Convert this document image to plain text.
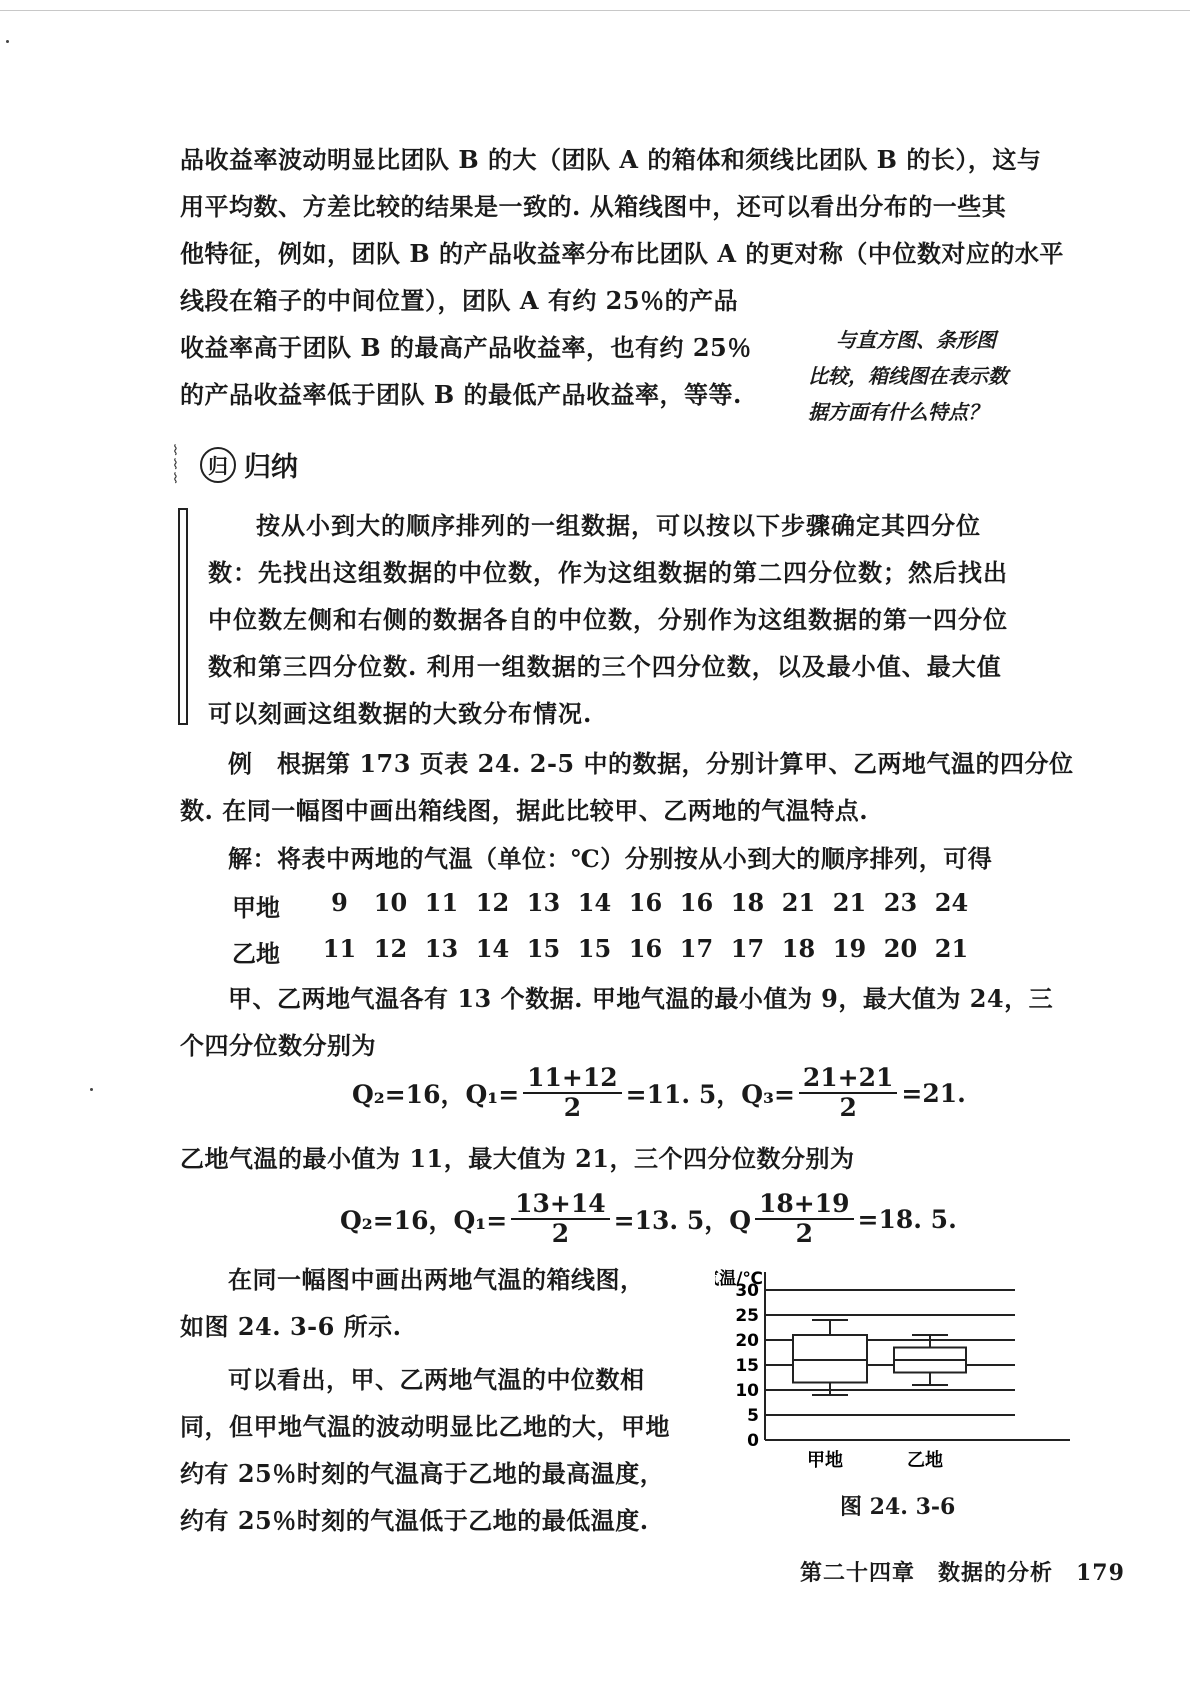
品收益率波动明显比团队 B 的大（团队 A 的箱体和须线比团队 B 的长），这与
用平均数、方差比较的结果是一致的. 从箱线图中，还可以看出分布的一些其
他特征，例如，团队 B 的产品收益率分布比团队 A 的更对称（中位数对应的水平
线段在箱子的中间位置），团队 A 有约 25％的产品
收益率高于团队 B 的最高产品收益率，也有约 25％
的产品收益率低于团队 B 的最低产品收益率，等等.
与直方图、条形图
比较，箱线图在表示数
据方面有什么特点？
⌇
⌇
⌇
归 归纳
按从小到大的顺序排列的一组数据，可以按以下步骤确定其四分位
数：先找出这组数据的中位数，作为这组数据的第二四分位数；然后找出
中位数左侧和右侧的数据各自的中位数，分别作为这组数据的第一四分位
数和第三四分位数. 利用一组数据的三个四分位数，以及最小值、最大值
可以刻画这组数据的大致分布情况.
例　根据第 173 页表 24. 2-5 中的数据，分别计算甲、乙两地气温的四分位
数. 在同一幅图中画出箱线图，据此比较甲、乙两地的气温特点.
解：将表中两地的气温（单位：℃）分别按从小到大的顺序排列，可得
甲地	9	10 11 12 13 14 16 16 18 21 21 23 24
乙地	11 12 13 14 15 15 16 17 17 18 19 20 21
甲、乙两地气温各有 13 个数据. 甲地气温的最小值为 9，最大值为 24，三
个四分位数分别为
Q₂=16，$Q_1= \frac{11+12}{2} =11$. 5，$Q_3= \frac{21+21}{2} =21$.
乙地气温的最小值为 11，最大值为 21，三个四分位数分别为
Q₂=16，$Q_1= \frac{13+14}{2} =13$. 5，Q $\frac{18+19}{2} =18$. 5.
在同一幅图中画出两地气温的箱线图，
如图 24. 3-6 所示.
可以看出，甲、乙两地气温的中位数相
同，但甲地气温的波动明显比乙地的大，甲地
约有 25％时刻的气温高于乙地的最高温度，
约有 25％时刻的气温低于乙地的最低温度.
温/℃
0
5
10
15
20
25
30
甲地	乙地
图 24. 3-6
第二十四章　数据的分析　179
